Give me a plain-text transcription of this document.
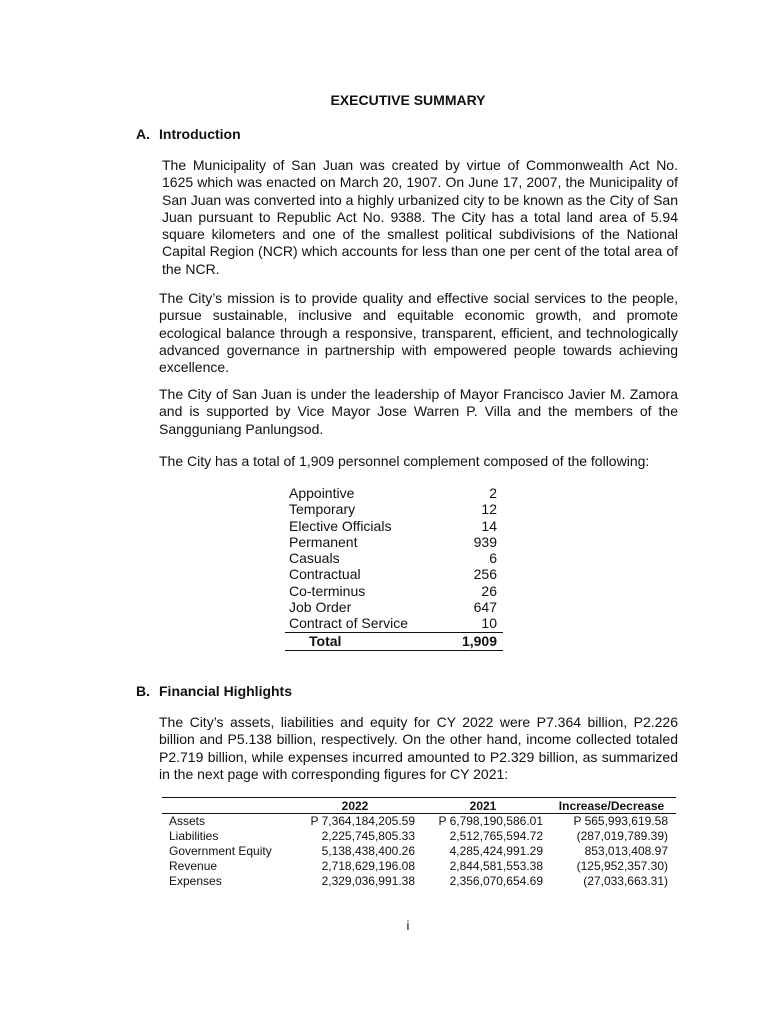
EXECUTIVE SUMMARY
A. Introduction

The Municipality of San Juan was created by virtue of Commonwealth Act No. 1625 which was enacted on March 20, 1907. On June 17, 2007, the Municipality of San Juan was converted into a highly urbanized city to be known as the City of San Juan pursuant to Republic Act No. 9388. The City has a total land area of 5.94 square kilometers and one of the smallest political subdivisions of the National Capital Region (NCR) which accounts for less than one per cent of the total area of the NCR.

The City’s mission is to provide quality and effective social services to the people, pursue sustainable, inclusive and equitable economic growth, and promote ecological balance through a responsive, transparent, efficient, and technologically advanced governance in partnership with empowered people towards achieving excellence.

The City of San Juan is under the leadership of Mayor Francisco Javier M. Zamora and is supported by Vice Mayor Jose Warren P. Villa and the members of the Sangguniang Panlungsod.

The City has a total of 1,909 personnel complement composed of the following:

Appointive	2
Temporary	12
Elective Officials	14
Permanent	939
Casuals	6
Contractual	256
Co-terminus	26
Job Order	647
Contract of Service	10
Total	1,909
B. Financial Highlights

The City’s assets, liabilities and equity for CY 2022 were P7.364 billion, P2.226 billion and P5.138 billion, respectively. On the other hand, income collected totaled P2.719 billion, while expenses incurred amounted to P2.329 billion, as summarized in the next page with corresponding figures for CY 2021:

	2022	2021	Increase/Decrease
Assets	P 7,364,184,205.59	P 6,798,190,586.01	P 565,993,619.58
Liabilities	2,225,745,805.33	2,512,765,594.72	(287,019,789.39)
Government Equity	5,138,438,400.26	4,285,424,991.29	853,013,408.97
Revenue	2,718,629,196.08	2,844,581,553.38	(125,952,357.30)
Expenses	2,329,036,991.38	2,356,070,654.69	(27,033,663.31)
i
